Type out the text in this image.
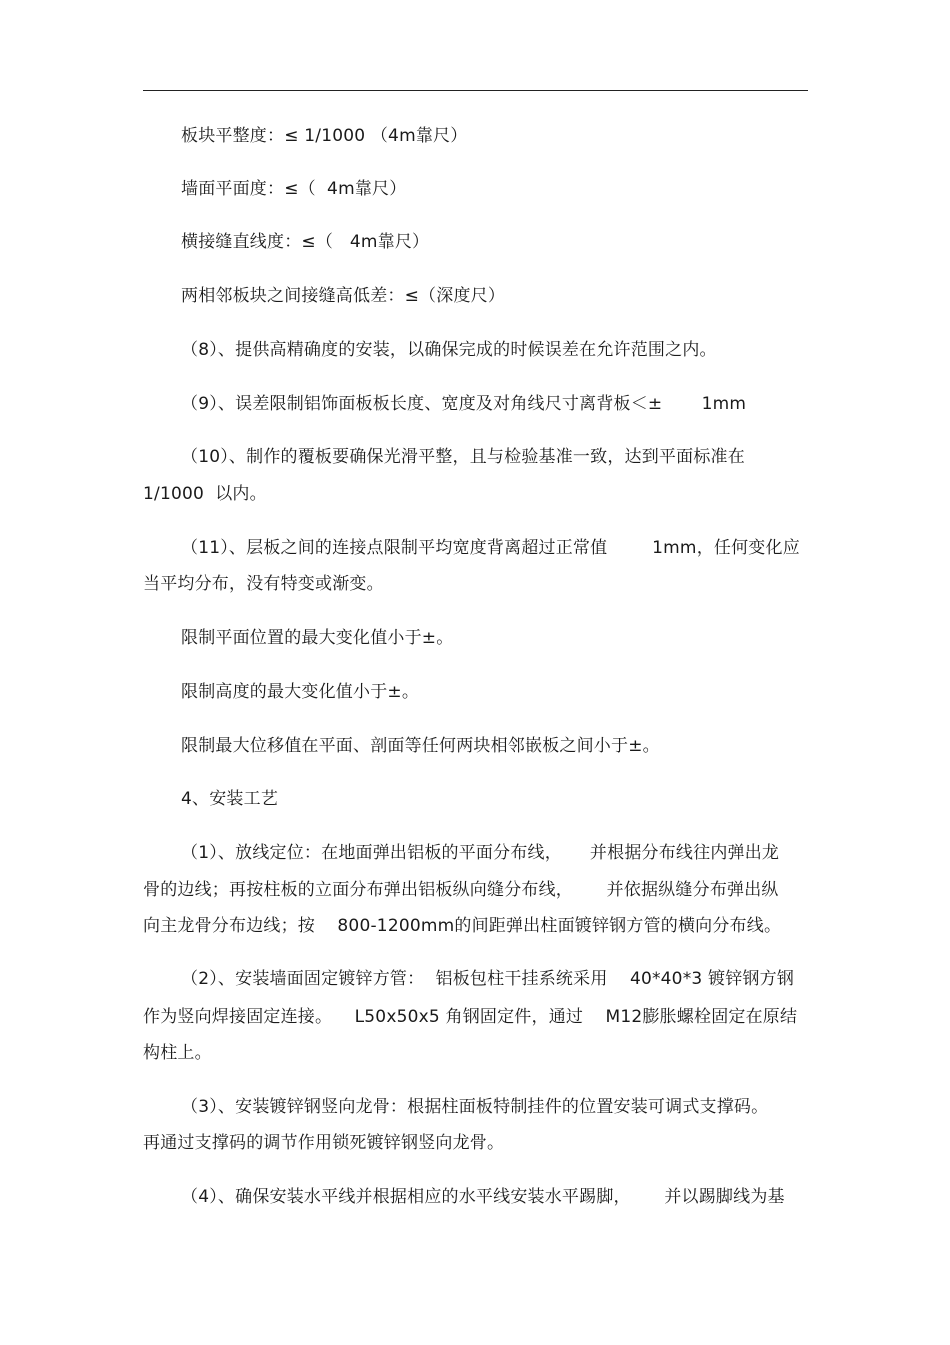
板块平整度：≤ 1/1000 （4m靠尺）
墙面平面度：≤（  4m靠尺）
横接缝直线度：≤（   4m靠尺）
两相邻板块之间接缝高低差：≤（深度尺）
（8）、提供高精确度的安装，以确保完成的时候误差在允许范围之内。
（9）、误差限制铝饰面板板长度、宽度及对角线尺寸离背板＜±       1mm
（10）、制作的覆板要确保光滑平整，且与检验基准一致，达到平面标准在
1/1000  以内。
（11）、层板之间的连接点限制平均宽度背离超过正常值        1mm，任何变化应
当平均分布，没有特变或渐变。
限制平面位置的最大变化值小于±。
限制高度的最大变化值小于±。
限制最大位移值在平面、剖面等任何两块相邻嵌板之间小于±。
4、安装工艺
（1）、放线定位：在地面弹出铝板的平面分布线，     并根据分布线往内弹出龙
骨的边线；再按柱板的立面分布弹出铝板纵向缝分布线，      并依据纵缝分布弹出纵
向主龙骨分布边线；按    800-1200mm的间距弹出柱面镀锌钢方管的横向分布线。
（2）、安装墙面固定镀锌方管：  铝板包柱干挂系统采用    40*40*3 镀锌钢方钢
作为竖向焊接固定连接。    L50x50x5 角钢固定件，通过    M12膨胀螺栓固定在原结
构柱上。
（3）、安装镀锌钢竖向龙骨：根据柱面板特制挂件的位置安装可调式支撑码。
再通过支撑码的调节作用锁死镀锌钢竖向龙骨。
（4）、确保安装水平线并根据相应的水平线安装水平踢脚，      并以踢脚线为基
